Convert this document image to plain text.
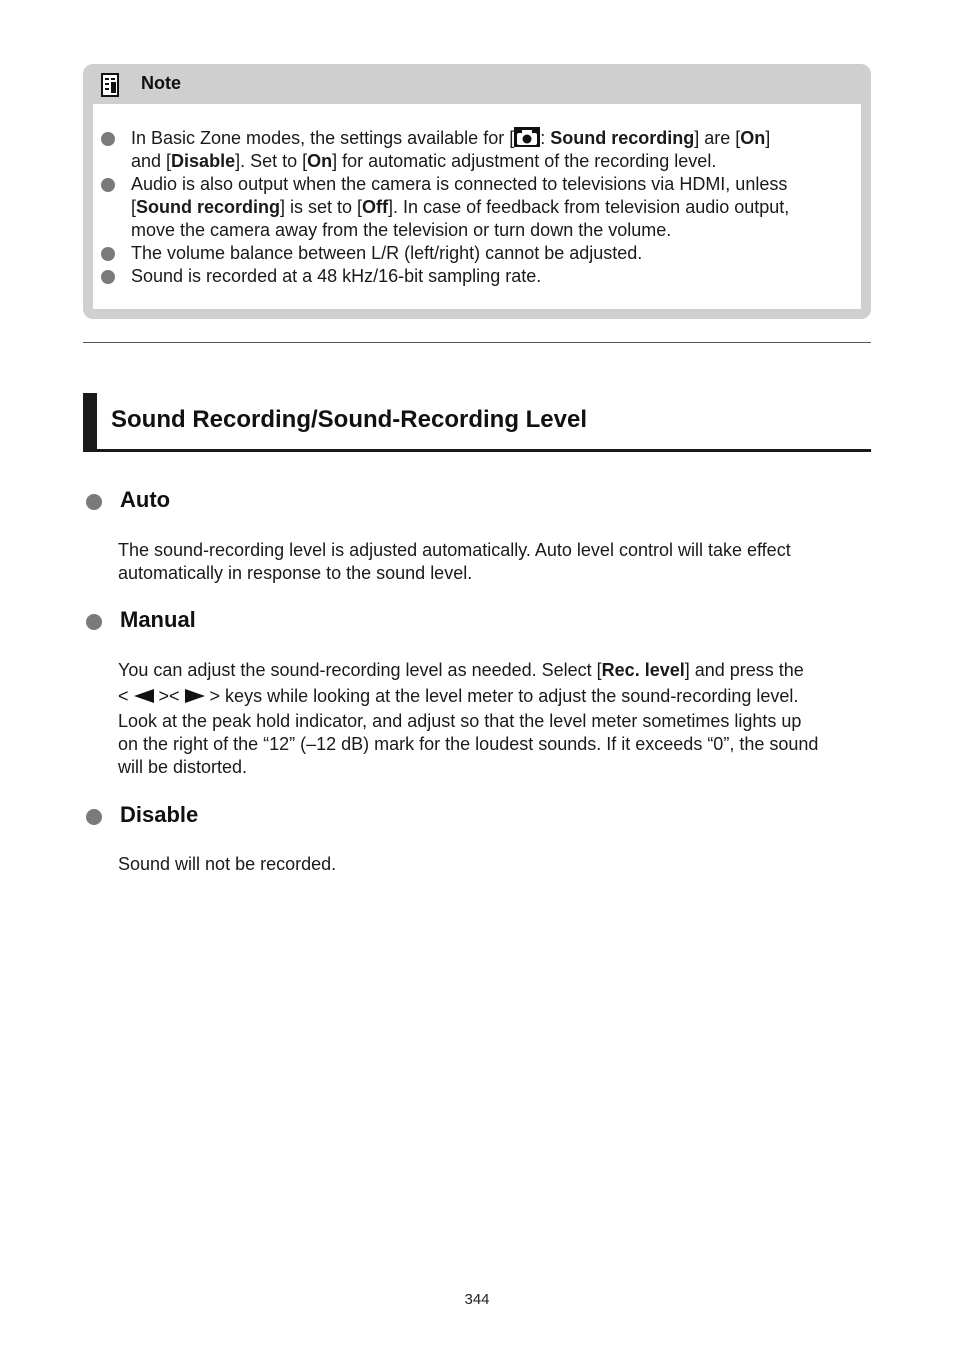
Note
In Basic Zone modes, the settings available for [ : Sound recording] are [On]
and [Disable]. Set to [On] for automatic adjustment of the recording level.
Audio is also output when the camera is connected to televisions via HDMI, unless
[Sound recording] is set to [Off]. In case of feedback from television audio output,
move the camera away from the television or turn down the volume.
The volume balance between L/R (left/right) cannot be adjusted.
Sound is recorded at a 48 kHz/16-bit sampling rate.
Sound Recording/Sound-Recording Level
Auto
The sound-recording level is adjusted automatically. Auto level control will take effect
automatically in response to the sound level.
Manual
You can adjust the sound-recording level as needed. Select [Rec. level] and press the
<  ><  > keys while looking at the level meter to adjust the sound-recording level.
Look at the peak hold indicator, and adjust so that the level meter sometimes lights up
on the right of the “12” (–12 dB) mark for the loudest sounds. If it exceeds “0”, the sound
will be distorted.
Disable
Sound will not be recorded.
344
